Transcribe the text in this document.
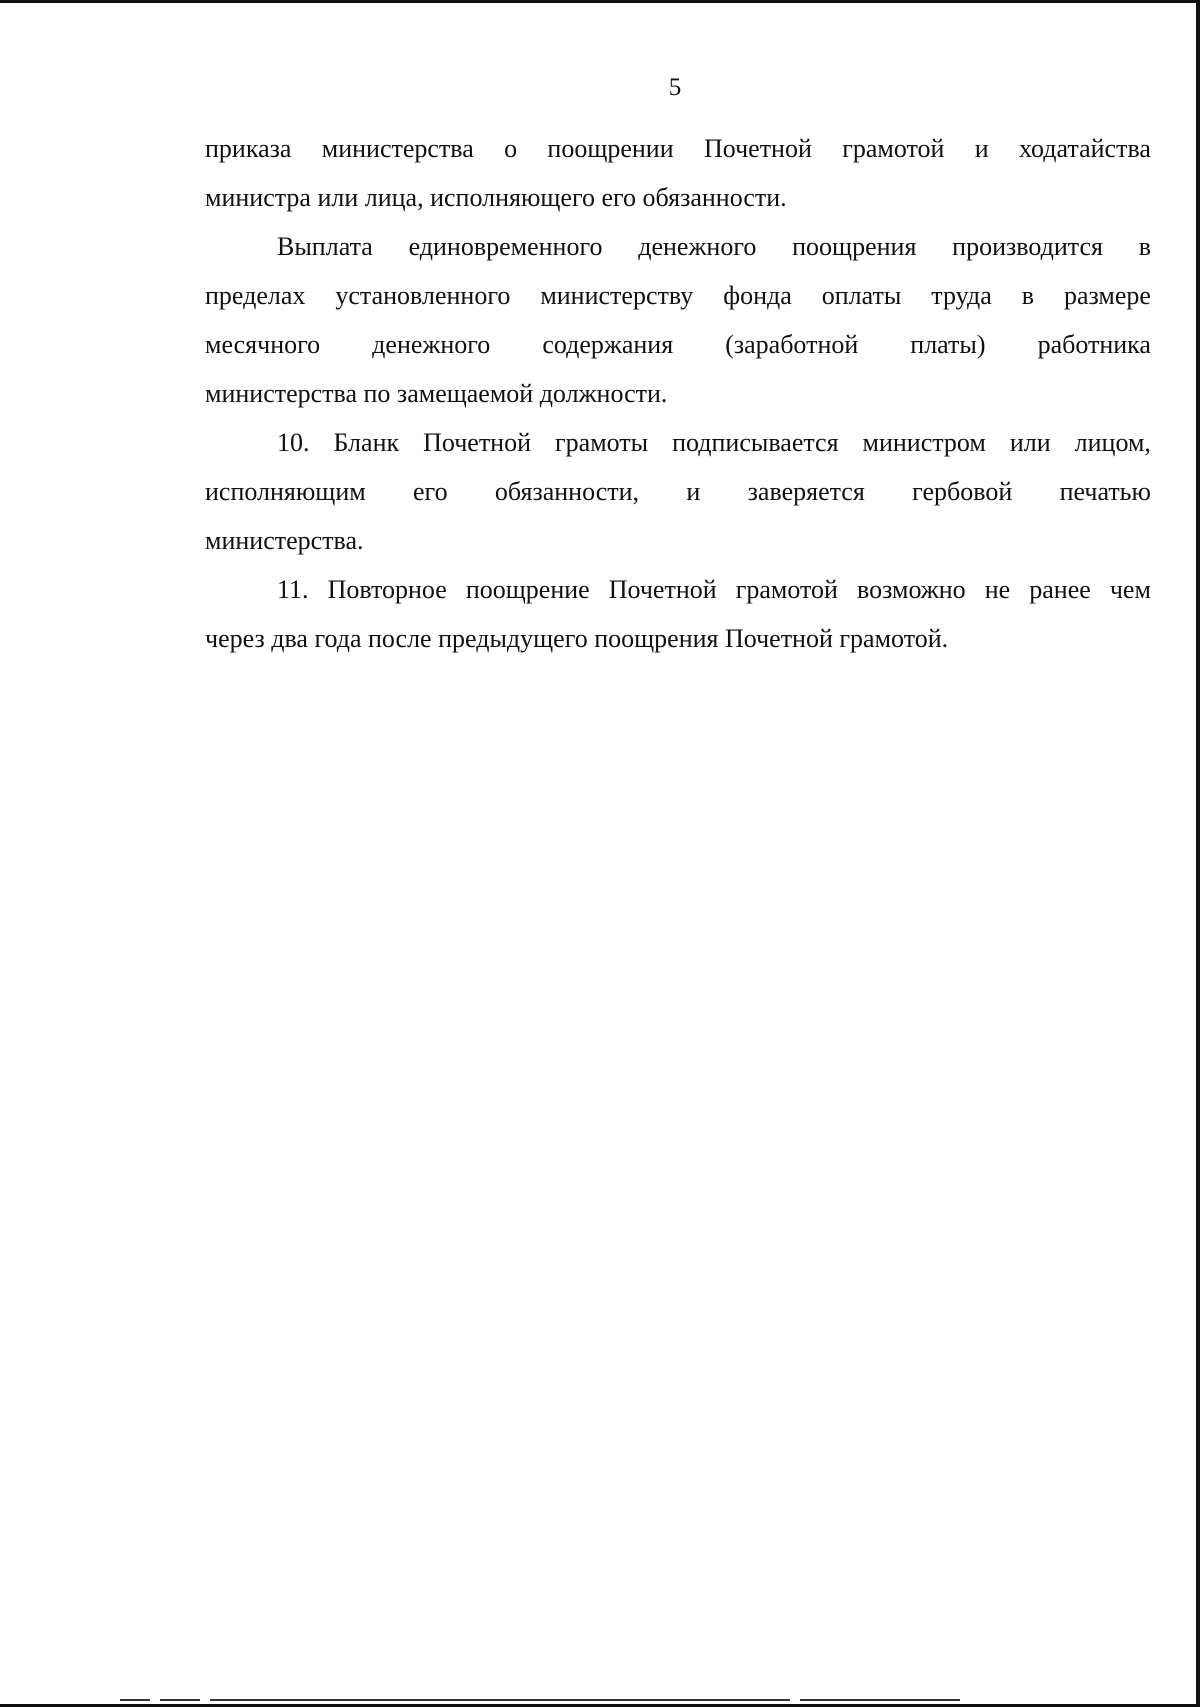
5
приказа министерства о поощрении Почетной грамотой и ходатайства
министра или лица, исполняющего его обязанности.
Выплата единовременного денежного поощрения производится в
пределах установленного министерству фонда оплаты труда в размере
месячного денежного содержания (заработной платы) работника
министерства по замещаемой должности.
10. Бланк Почетной грамоты подписывается министром или лицом,
исполняющим его обязанности, и заверяется гербовой печатью
министерства.
11. Повторное поощрение Почетной грамотой возможно не ранее чем
через два года после предыдущего поощрения Почетной грамотой.
